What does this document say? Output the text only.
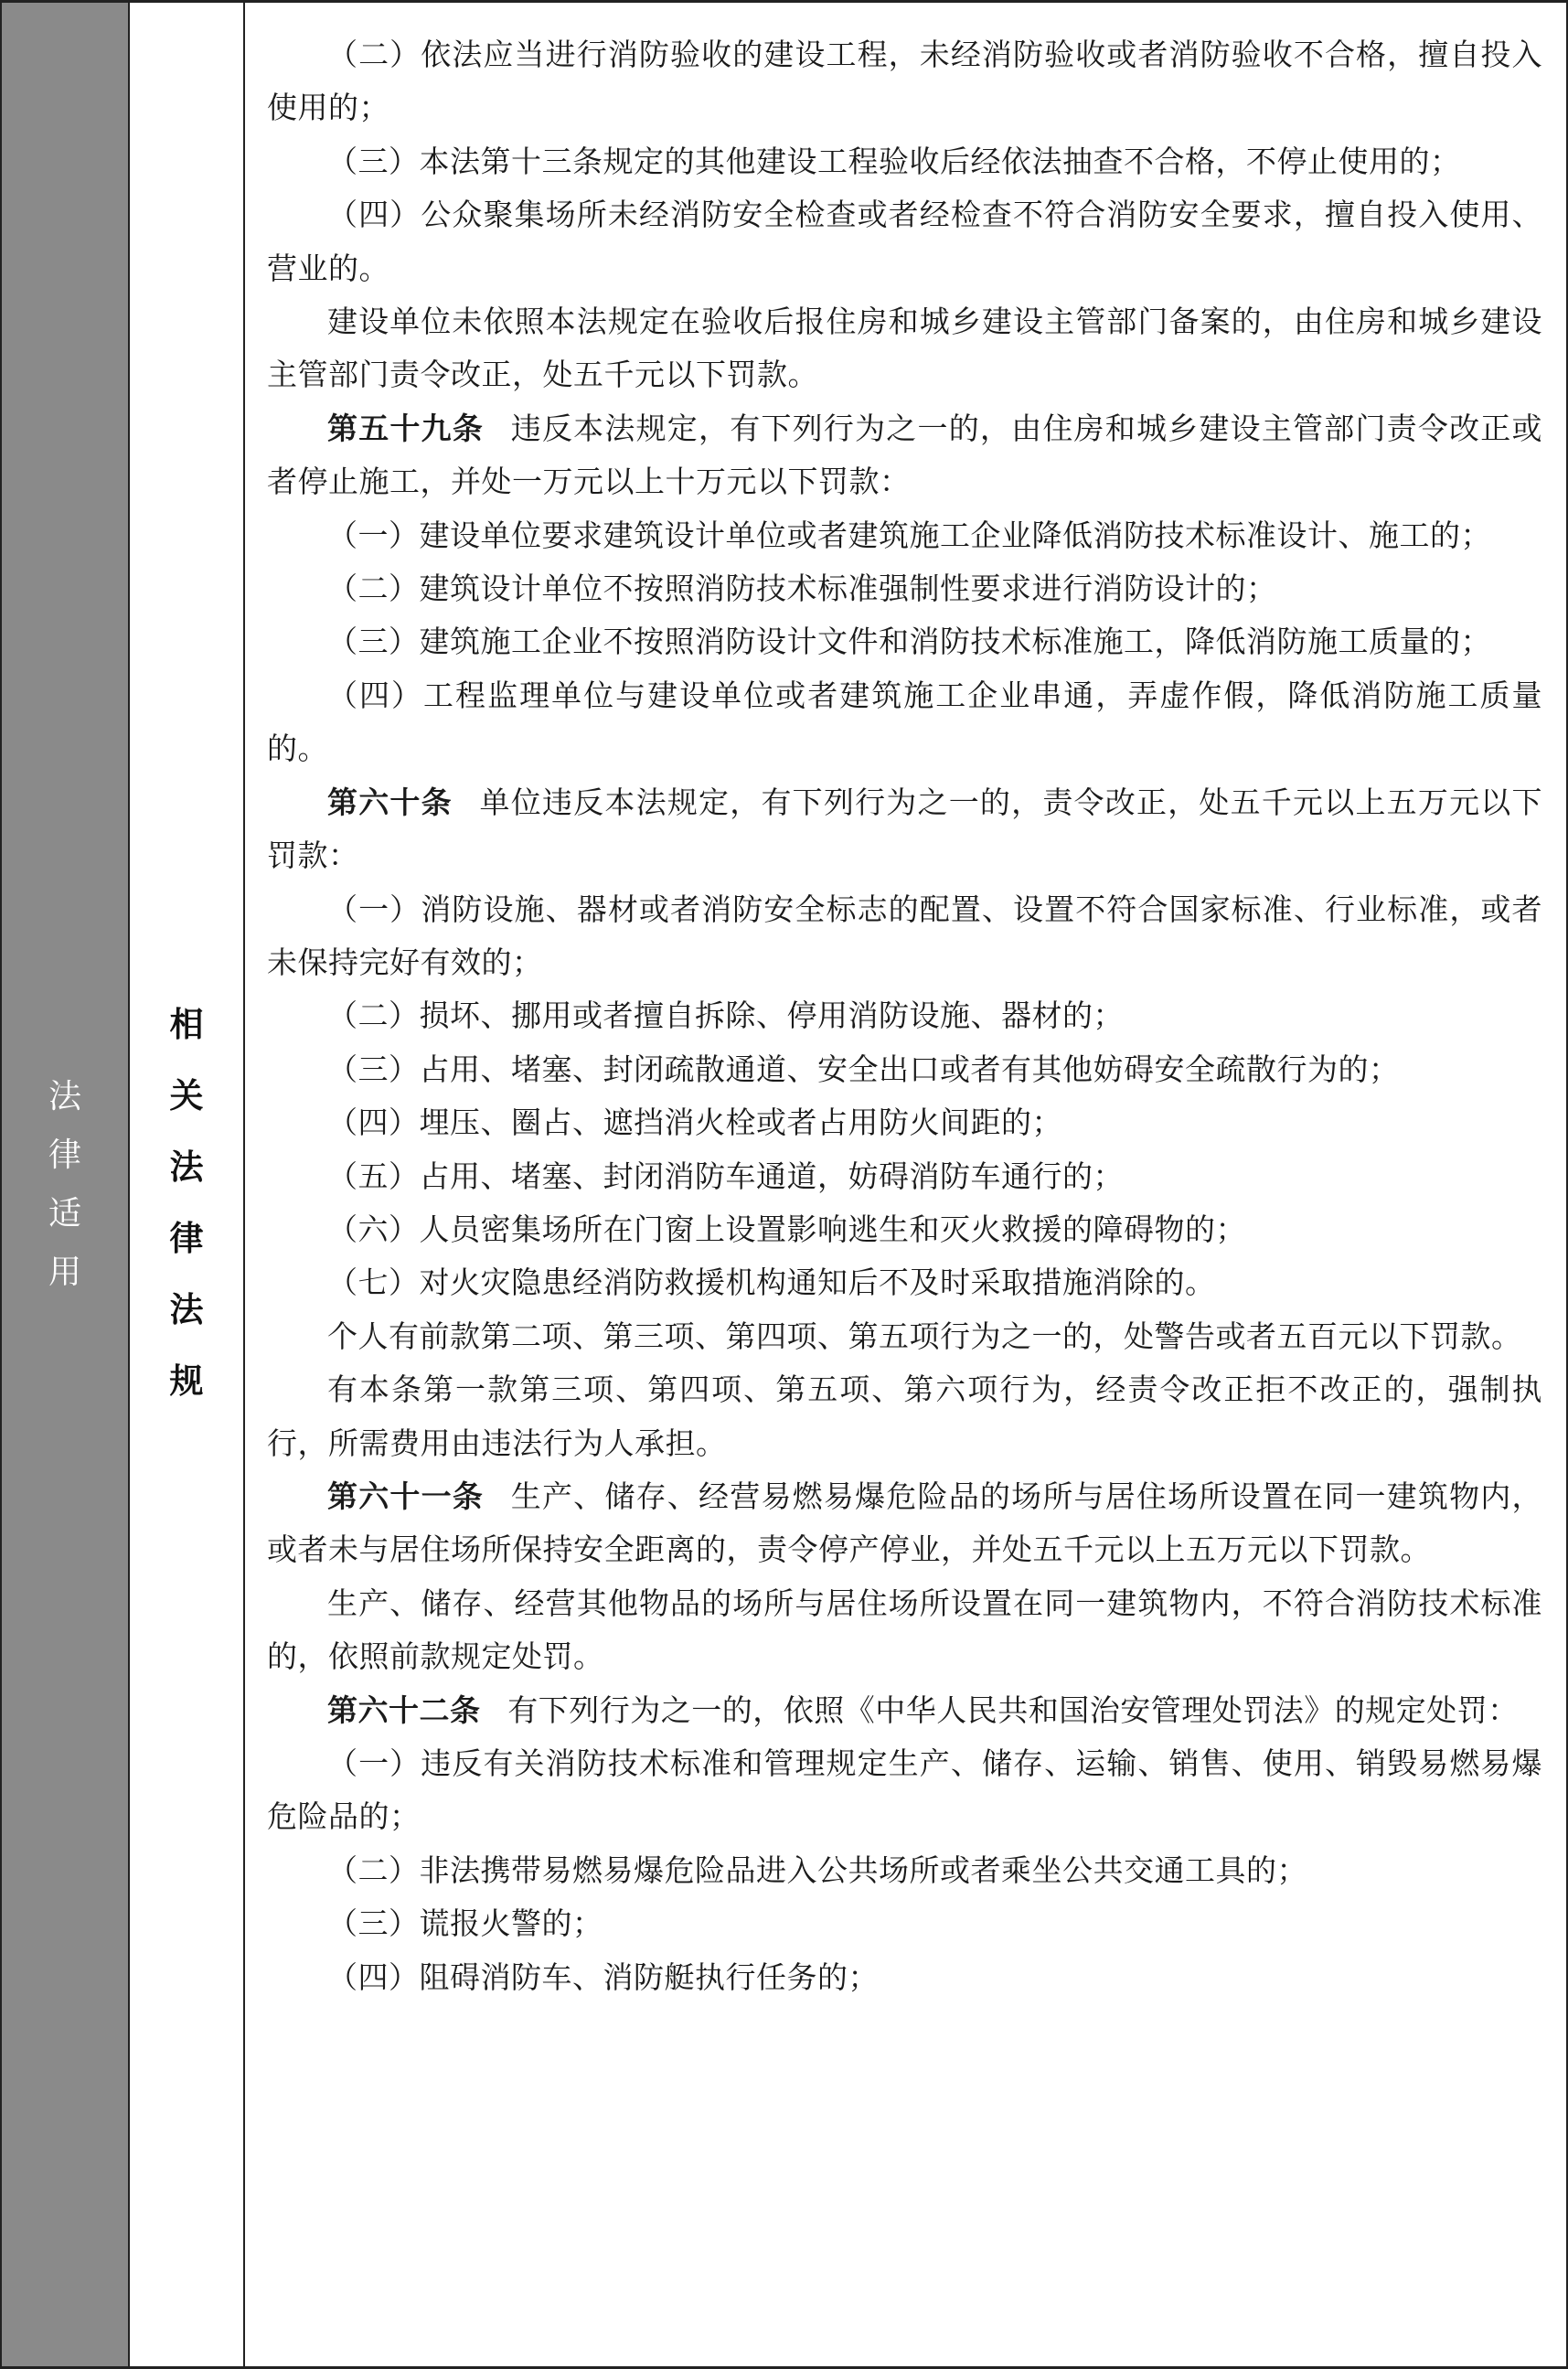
法
律
适
用
相
关
法
律
法
规

（二）依法应当进行消防验收的建设工程，未经消防验收或者消防验收不合格，擅自投入使用的；

（三）本法第十三条规定的其他建设工程验收后经依法抽查不合格，不停止使用的；

（四）公众聚集场所未经消防安全检查或者经检查不符合消防安全要求，擅自投入使用、营业的。

建设单位未依照本法规定在验收后报住房和城乡建设主管部门备案的，由住房和城乡建设主管部门责令改正，处五千元以下罚款。

第五十九条 违反本法规定，有下列行为之一的，由住房和城乡建设主管部门责令改正或者停止施工，并处一万元以上十万元以下罚款：

（一）建设单位要求建筑设计单位或者建筑施工企业降低消防技术标准设计、施工的；

（二）建筑设计单位不按照消防技术标准强制性要求进行消防设计的；

（三）建筑施工企业不按照消防设计文件和消防技术标准施工，降低消防施工质量的；

（四）工程监理单位与建设单位或者建筑施工企业串通，弄虚作假，降低消防施工质量的。

第六十条 单位违反本法规定，有下列行为之一的，责令改正，处五千元以上五万元以下罚款：

（一）消防设施、器材或者消防安全标志的配置、设置不符合国家标准、行业标准，或者未保持完好有效的；

（二）损坏、挪用或者擅自拆除、停用消防设施、器材的；

（三）占用、堵塞、封闭疏散通道、安全出口或者有其他妨碍安全疏散行为的；

（四）埋压、圈占、遮挡消火栓或者占用防火间距的；

（五）占用、堵塞、封闭消防车通道，妨碍消防车通行的；

（六）人员密集场所在门窗上设置影响逃生和灭火救援的障碍物的；

（七）对火灾隐患经消防救援机构通知后不及时采取措施消除的。

个人有前款第二项、第三项、第四项、第五项行为之一的，处警告或者五百元以下罚款。

有本条第一款第三项、第四项、第五项、第六项行为，经责令改正拒不改正的，强制执行，所需费用由违法行为人承担。

第六十一条 生产、储存、经营易燃易爆危险品的场所与居住场所设置在同一建筑物内，或者未与居住场所保持安全距离的，责令停产停业，并处五千元以上五万元以下罚款。

生产、储存、经营其他物品的场所与居住场所设置在同一建筑物内，不符合消防技术标准的，依照前款规定处罚。

第六十二条 有下列行为之一的，依照《中华人民共和国治安管理处罚法》的规定处罚：

（一）违反有关消防技术标准和管理规定生产、储存、运输、销售、使用、销毁易燃易爆危险品的；

（二）非法携带易燃易爆危险品进入公共场所或者乘坐公共交通工具的；

（三）谎报火警的；

（四）阻碍消防车、消防艇执行任务的；
